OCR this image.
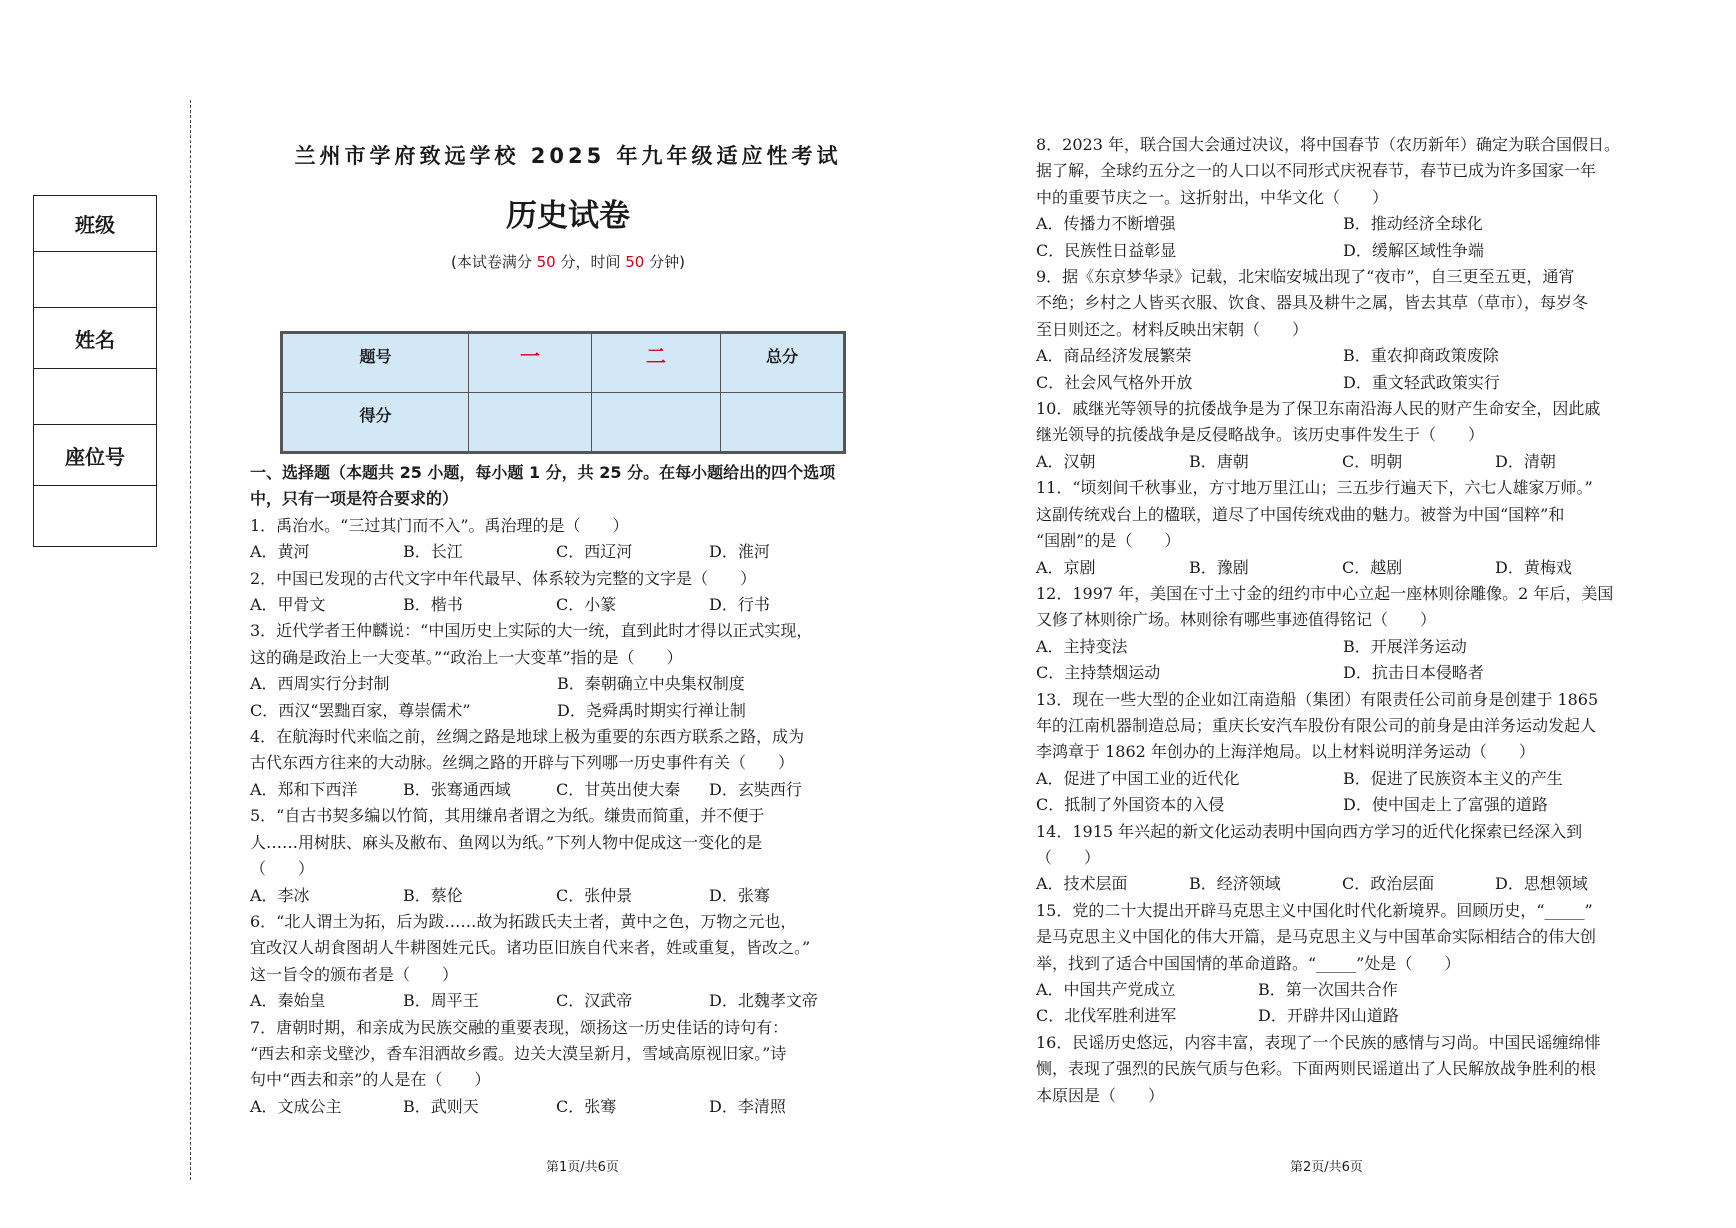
班级
姓名
座位号
兰州市学府致远学校 2025 年九年级适应性考试
历史试卷
(本试卷满分 50 分，时间 50 分钟)
题号	一	二	总分
得分			

一、选择题（本题共 25 小题，每小题 1 分，共 25 分。在每小题给出的四个选项

中，只有一项是符合要求的）

1．禹治水。“三过其门而不入”。禹治理的是（　　）

A．黄河	B．长江	C．西辽河	D．淮河

2．中国已发现的古代文字中年代最早、体系较为完整的文字是（　　）

A．甲骨文	B．楷书	C．小篆	D．行书

3．近代学者王仲麟说：“中国历史上实际的大一统，直到此时才得以正式实现，

这的确是政治上一大变革。”“政治上一大变革”指的是（　　）

A．西周实行分封制	B．秦朝确立中央集权制度
C．西汉“罢黜百家，尊崇儒术”	D．尧舜禹时期实行禅让制

4．在航海时代来临之前，丝绸之路是地球上极为重要的东西方联系之路，成为

古代东西方往来的大动脉。丝绸之路的开辟与下列哪一历史事件有关（　　）

A．郑和下西洋	B．张骞通西域	C．甘英出使大秦	D．玄奘西行

5．“自古书契多编以竹简，其用缣帛者谓之为纸。缣贵而简重，并不便于

人……用树肤、麻头及敝布、鱼网以为纸。”下列人物中促成这一变化的是

（　　）

A．李冰	B．蔡伦	C．张仲景	D．张骞

6．“北人谓土为拓，后为跋……故为拓跋氏夫土者，黄中之色，万物之元也，

宜改汉人胡食图胡人牛耕图姓元氏。诸功臣旧族自代来者，姓或重复，皆改之。”

这一旨令的颁布者是（　　）

A．秦始皇	B．周平王	C．汉武帝	D．北魏孝文帝

7．唐朝时期，和亲成为民族交融的重要表现，颂扬这一历史佳话的诗句有：

“西去和亲戈壁沙，香车泪洒故乡霞。边关大漠呈新月，雪域高原视旧家。”诗

句中“西去和亲”的人是在（　　）

A．文成公主	B．武则天	C．张骞	D．李清照

8．2023 年，联合国大会通过决议，将中国春节（农历新年）确定为联合国假日。

据了解，全球约五分之一的人口以不同形式庆祝春节，春节已成为许多国家一年

中的重要节庆之一。这折射出，中华文化（　　）

A．传播力不断增强	B．推动经济全球化
C．民族性日益彰显	D．缓解区域性争端

9．据《东京梦华录》记载，北宋临安城出现了“夜市”，自三更至五更，通宵

不绝；乡村之人皆买衣服、饮食、器具及耕牛之属，皆去其草（草市），每岁冬

至日则还之。材料反映出宋朝（　　）

A．商品经济发展繁荣	B．重农抑商政策废除
C．社会风气格外开放	D．重文轻武政策实行

10．戚继光等领导的抗倭战争是为了保卫东南沿海人民的财产生命安全，因此戚

继光领导的抗倭战争是反侵略战争。该历史事件发生于（　　）

A．汉朝	B．唐朝	C．明朝	D．清朝

11．“顷刻间千秋事业，方寸地万里江山；三五步行遍天下，六七人雄家万师。”

这副传统戏台上的楹联，道尽了中国传统戏曲的魅力。被誉为中国“国粹”和

“国剧”的是（　　）

A．京剧	B．豫剧	C．越剧	D．黄梅戏

12．1997 年，美国在寸土寸金的纽约市中心立起一座林则徐雕像。2 年后，美国

又修了林则徐广场。林则徐有哪些事迹值得铭记（　　）

A．主持变法	B．开展洋务运动
C．主持禁烟运动	D．抗击日本侵略者

13．现在一些大型的企业如江南造船（集团）有限责任公司前身是创建于 1865

年的江南机器制造总局；重庆长安汽车股份有限公司的前身是由洋务运动发起人

李鸿章于 1862 年创办的上海洋炮局。以上材料说明洋务运动（　　）

A．促进了中国工业的近代化	B．促进了民族资本主义的产生
C．抵制了外国资本的入侵	D．使中国走上了富强的道路

14．1915 年兴起的新文化运动表明中国向西方学习的近代化探索已经深入到

（　　）

A．技术层面	B．经济领域	C．政治层面	D．思想领域

15．党的二十大提出开辟马克思主义中国化时代化新境界。回顾历史，“_____”

是马克思主义中国化的伟大开篇，是马克思主义与中国革命实际相结合的伟大创

举，找到了适合中国国情的革命道路。“_____”处是（　　）

A．中国共产党成立	B．第一次国共合作
C．北伐军胜利进军	D．开辟井冈山道路

16．民谣历史悠远，内容丰富，表现了一个民族的感情与习尚。中国民谣缠绵悱

恻，表现了强烈的民族气质与色彩。下面两则民谣道出了人民解放战争胜利的根

本原因是（　　）

第1页/共6页	第2页/共6页
